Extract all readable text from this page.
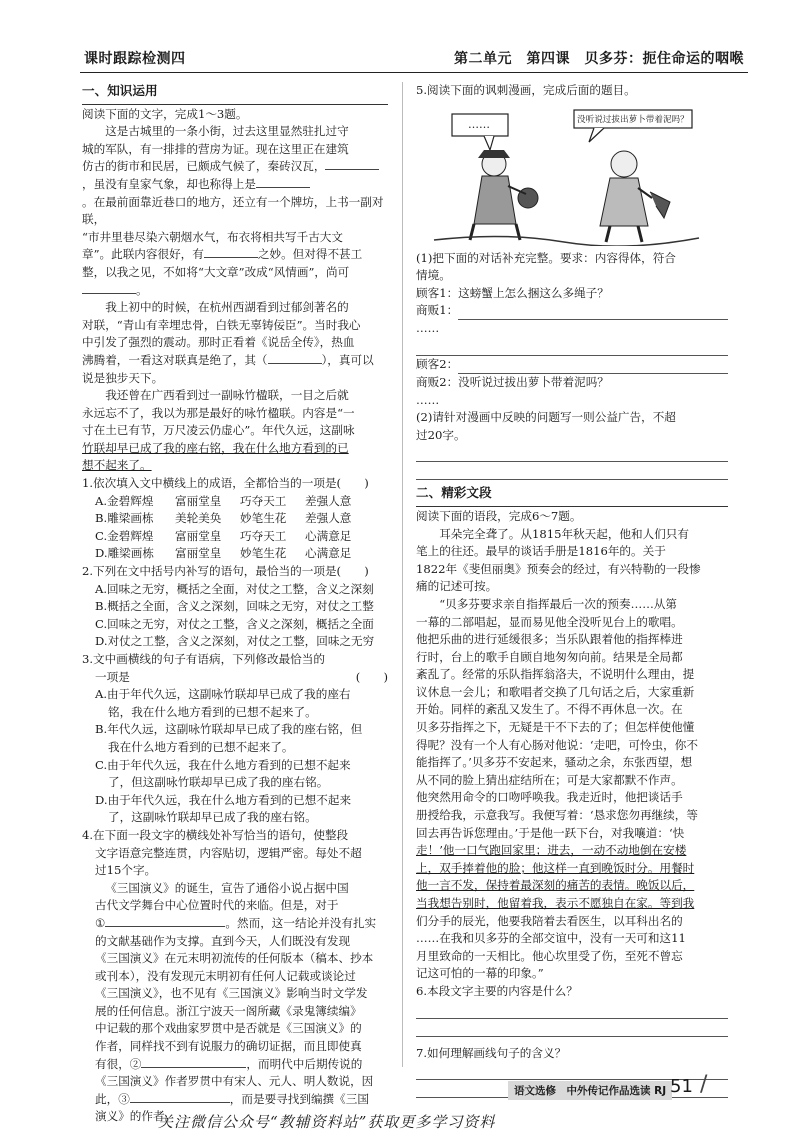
课时跟踪检测四	第二单元　第四课　贝多芬：扼住命运的咽喉
一、知识运用

阅读下面的文字，完成1～3题。

这是古城里的一条小街，过去这里显然驻扎过守

城的军队，有一排排的营房为证。现在这里正在建筑

仿古的街市和民居，已颇成气候了，秦砖汉瓦，

，虽没有皇家气象，却也称得上是

。在最前面靠近巷口的地方，还立有一个牌坊，上书一副对联，

“市井里巷尽染六朝烟水气，布衣将相共写千古大文

章”。此联内容很好，有	之妙。但对得不甚工

整，以我之见，不如将“大文章”改成“风情画”，尚可

。

我上初中的时候，在杭州西湖看到过郁剑著名的

对联，“青山有幸埋忠骨，白铁无辜铸佞臣”。当时我心

中引发了强烈的震动。那时正看着《说岳全传》，热血

沸腾着，一看这对联真是绝了，其（	），真可以

说是独步天下。

我还曾在广西看到过一副咏竹楹联，一目之后就

永远忘不了，我以为那是最好的咏竹楹联。内容是“一

寸在土已有节，万尺凌云仍虚心”。年代久远，这副咏

竹联却早已成了我的座右铭，我在什么地方看到的已

想不起来了。

1.依次填入文中横线上的成语，全都恰当的一项是(　　)

A.金碧辉煌	富丽堂皇	巧夺天工	差强人意
B.雕梁画栋	美轮美奂	妙笔生花	差强人意
C.金碧辉煌	富丽堂皇	巧夺天工	心满意足
D.雕梁画栋	富丽堂皇	妙笔生花	心满意足

2.下列在文中括号内补写的语句，最恰当的一项是(　　)

A.回味之无穷，概括之全面，对仗之工整，含义之深刻

B.概括之全面，含义之深刻，回味之无穷，对仗之工整

C.回味之无穷，对仗之工整，含义之深刻，概括之全面

D.对仗之工整，含义之深刻，对仗之工整，回味之无穷

3.文中画横线的句子有语病，下列修改最恰当的

一项是	(　　)

A.由于年代久远，这副咏竹联却早已成了我的座右

铭，我在什么地方看到的已想不起来了。

B.年代久远，这副咏竹联却早已成了我的座右铭，但

我在什么地方看到的已想不起来了。

C.由于年代久远，我在什么地方看到的已想不起来

了，但这副咏竹联却早已成了我的座右铭。

D.由于年代久远，我在什么地方看到的已想不起来

了，这副咏竹联却早已成了我的座右铭。

4.在下面一段文字的横线处补写恰当的语句，使整段

文字语意完整连贯，内容贴切，逻辑严密。每处不超

过15个字。

《三国演义》的诞生，宣告了通俗小说占据中国

古代文学舞台中心位置时代的来临。但是，对于

①	。然而，这一结论并没有扎实

的文献基础作为支撑。直到今天，人们既没有发现

《三国演义》在元末明初流传的任何版本（稿本、抄本

或刊本），没有发现元末明初有任何人记载或谈论过

《三国演义》，也不见有《三国演义》影响当时文学发

展的任何信息。浙江宁波天一阁所藏《录鬼簿续编》

中记载的那个戏曲家罗贯中是否就是《三国演义》的

作者，同样找不到有说服力的确切证据，而且即使真

有很，②	，而明代中后期传说的

《三国演义》作者罗贯中有宋人、元人、明人数说，因

此，③	，而是要寻找到编撰《三国

演义》的作者。

5.阅读下面的讽刺漫画，完成后面的题目。

……	没听说过拔出萝卜带着泥吗？

(1)把下面的对话补充完整。要求：内容得体，符合

情境。

顾客1：这螃蟹上怎么捆这么多绳子？

商贩1：

……

顾客2：

商贩2：没听说过拔出萝卜带着泥吗？

……

(2)请针对漫画中反映的问题写一则公益广告，不超

过20字。

二、精彩文段

阅读下面的语段，完成6～7题。

耳朵完全聋了。从1815年秋天起，他和人们只有

笔上的往还。最早的谈话手册是1816年的。关于

1822年《斐但丽奥》预奏会的经过，有兴特勒的一段惨

痛的记述可按。

“贝多芬要求亲自指挥最后一次的预奏……从第

一幕的二部唱起，显而易见他全没听见台上的歌唱。

他把乐曲的进行延缓很多；当乐队跟着他的指挥棒进

行时，台上的歌手自顾自地匆匆向前。结果是全局都

紊乱了。经常的乐队指挥翁洛夫，不说明什么理由，提

议休息一会儿；和歌唱者交换了几句话之后，大家重新

开始。同样的紊乱又发生了。不得不再休息一次。在

贝多芬指挥之下，无疑是干不下去的了；但怎样使他懂

得呢？没有一个人有心肠对他说：‘走吧，可怜虫，你不

能指挥了。’贝多芬不安起来，骚动之余，东张西望，想

从不同的脸上猜出症结所在；可是大家都默不作声。

他突然用命令的口吻呼唤我。我走近时，他把谈话手

册授给我，示意我写。我便写着：‘恳求您勿再继续，等

回去再告诉您理由。’于是他一跃下台，对我嚷道：‘快

走！’他一口气跑回家里；进去，一动不动地倒在安楼

上，双手捧着他的脸；他这样一直到晚饭时分。用餐时

他一言不发，保持着最深刻的痛苦的表情。晚饭以后，

当我想告别时，他留着我，表示不愿独自在家。等到我

们分手的辰光，他要我陪着去看医生，以耳科出名的

……在我和贝多芬的全部交谊中，没有一天可和这11

月里致命的一天相比。他心坎里受了伤，至死不曾忘

记这可怕的一幕的印象。”

6.本段文字主要的内容是什么？

7.如何理解画线句子的含义？

语文选修　中外传记作品选读 RJ 51 /
关注微信公众号“教辅资料站”获取更多学习资料
